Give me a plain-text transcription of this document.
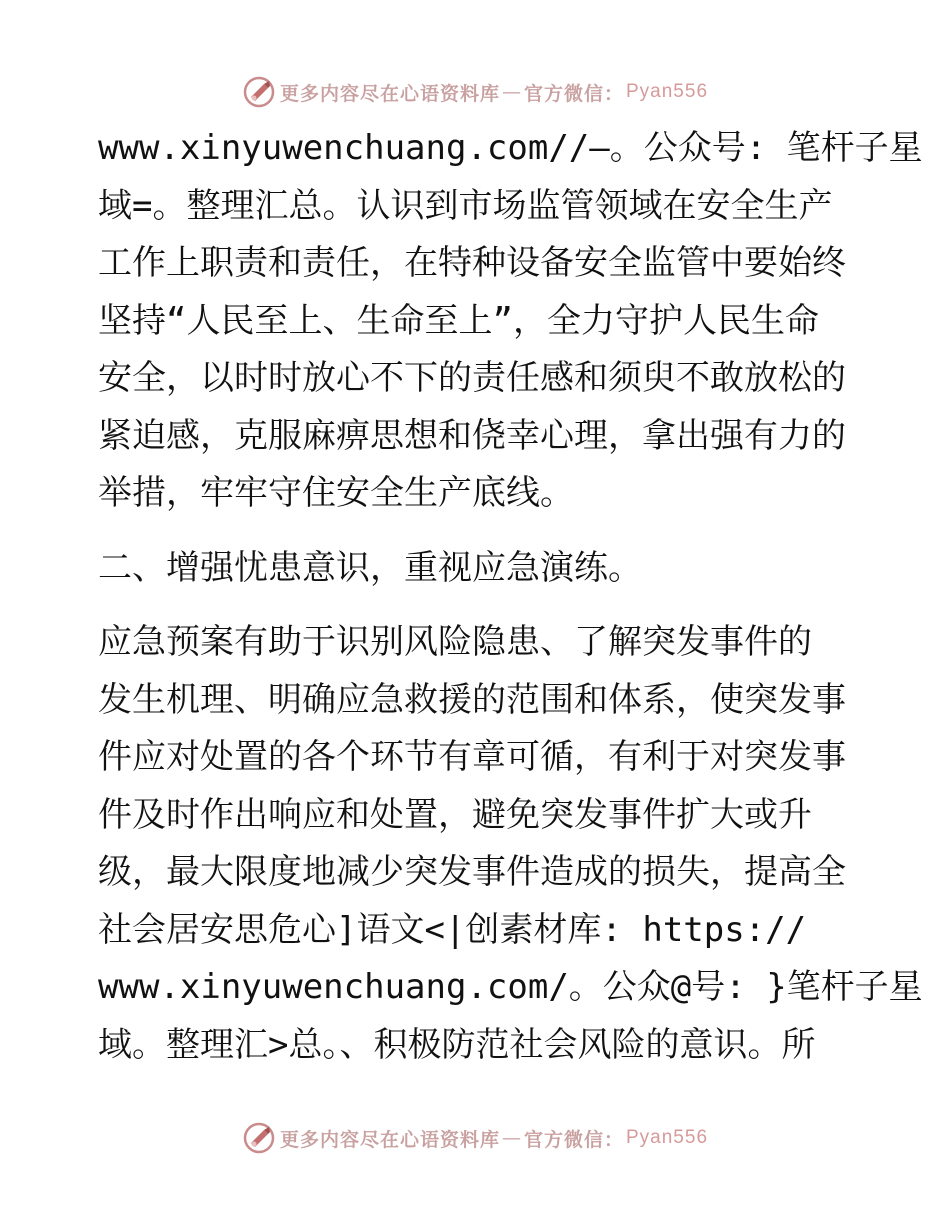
更多内容尽在心语资料库 — 官方微信： Pyan556
www.xinyuwenchuang.com//—。公众号: 笔杆子星
域=。整理汇总。认识到市场监管领域在安全生产
工作上职责和责任，在特种设备安全监管中要始终
坚持“人民至上、生命至上”，全力守护人民生命
安全，以时时放心不下的责任感和须臾不敢放松的
紧迫感，克服麻痹思想和侥幸心理，拿出强有力的
举措，牢牢守住安全生产底线。
二、增强忧患意识，重视应急演练。
应急预案有助于识别风险隐患、了解突发事件的
发生机理、明确应急救援的范围和体系，使突发事
件应对处置的各个环节有章可循，有利于对突发事
件及时作出响应和处置，避免突发事件扩大或升
级，最大限度地减少突发事件造成的损失，提高全
社会居安思危心]语文<|创素材库: https://
www.xinyuwenchuang.com/。公众@号: }笔杆子星
域。整理汇>总。、积极防范社会风险的意识。所
更多内容尽在心语资料库 — 官方微信： Pyan556
